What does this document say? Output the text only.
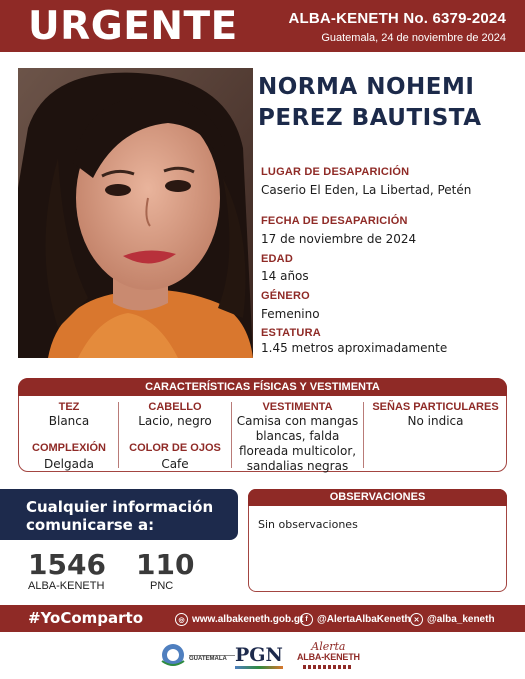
URGENTE	ALBA-KENETH No. 6379-2024
Guatemala, 24 de noviembre de 2024
NORMA NOHEMI
PEREZ BAUTISTA
LUGAR DE DESAPARICIÓN
Caserio El Eden, La Libertad, Petén
FECHA DE DESAPARICIÓN
17 de noviembre de 2024
EDAD
14 años
GÉNERO
Femenino
ESTATURA
1.45 metros aproximadamente
CARACTERÍSTICAS FÍSICAS Y VESTIMENTA
TEZ
Blanca
COMPLEXIÓN
Delgada
CABELLO
Lacio, negro
COLOR DE OJOS
Cafe
VESTIMENTA
Camisa con mangas
blancas, falda
floreada multicolor,
sandalias negras
SEÑAS PARTICULARES
No indica
Cualquier información
comunicarse a:
1546
ALBA-KENETH
110
PNC
OBSERVACIONES
Sin observaciones
#YoComparto	◎ www.albakeneth.gob.gt f @AlertaAlbaKeneth ✕ @alba_keneth

GUATEMALA PGN	Alerta
ALBA-KENETH
